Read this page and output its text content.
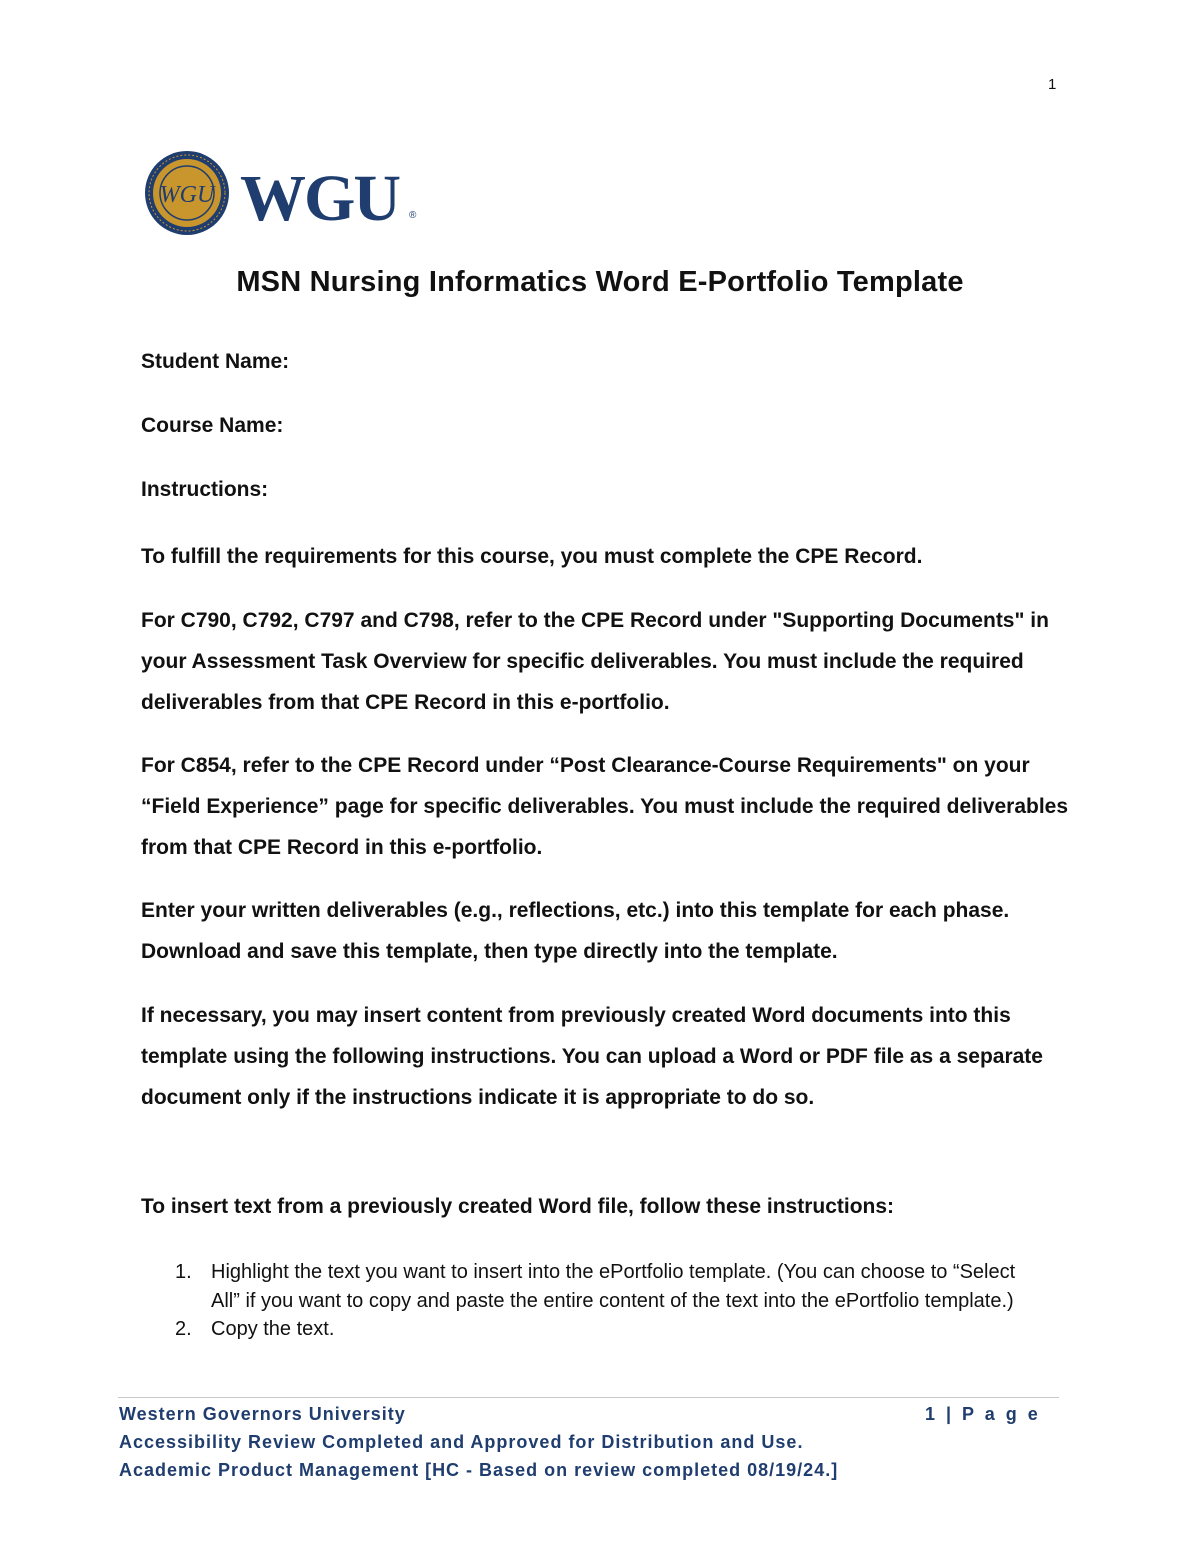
1
WGU WGU ®
MSN Nursing Informatics Word E-Portfolio Template
Student Name:
Course Name:
Instructions:
To fulfill the requirements for this course, you must complete the CPE Record.
For C790, C792, C797 and C798, refer to the CPE Record under "Supporting Documents" in your Assessment Task Overview for specific deliverables. You must include the required deliverables from that CPE Record in this e-portfolio.
For C854, refer to the CPE Record under “Post Clearance-Course Requirements" on your “Field Experience” page for specific deliverables. You must include the required deliverables from that CPE Record in this e-portfolio.
Enter your written deliverables (e.g., reflections, etc.) into this template for each phase. Download and save this template, then type directly into the template.
If necessary, you may insert content from previously created Word documents into this template using the following instructions. You can upload a Word or PDF file as a separate document only if the instructions indicate it is appropriate to do so.
To insert text from a previously created Word file, follow these instructions:
1. Highlight the text you want to insert into the ePortfolio template. (You can choose to “Select All” if you want to copy and paste the entire content of the text into the ePortfolio template.)
2. Copy the text.
Western Governors University	1 | P a g e
Accessibility Review Completed and Approved for Distribution and Use.
Academic Product Management [HC - Based on review completed 08/19/24.]
